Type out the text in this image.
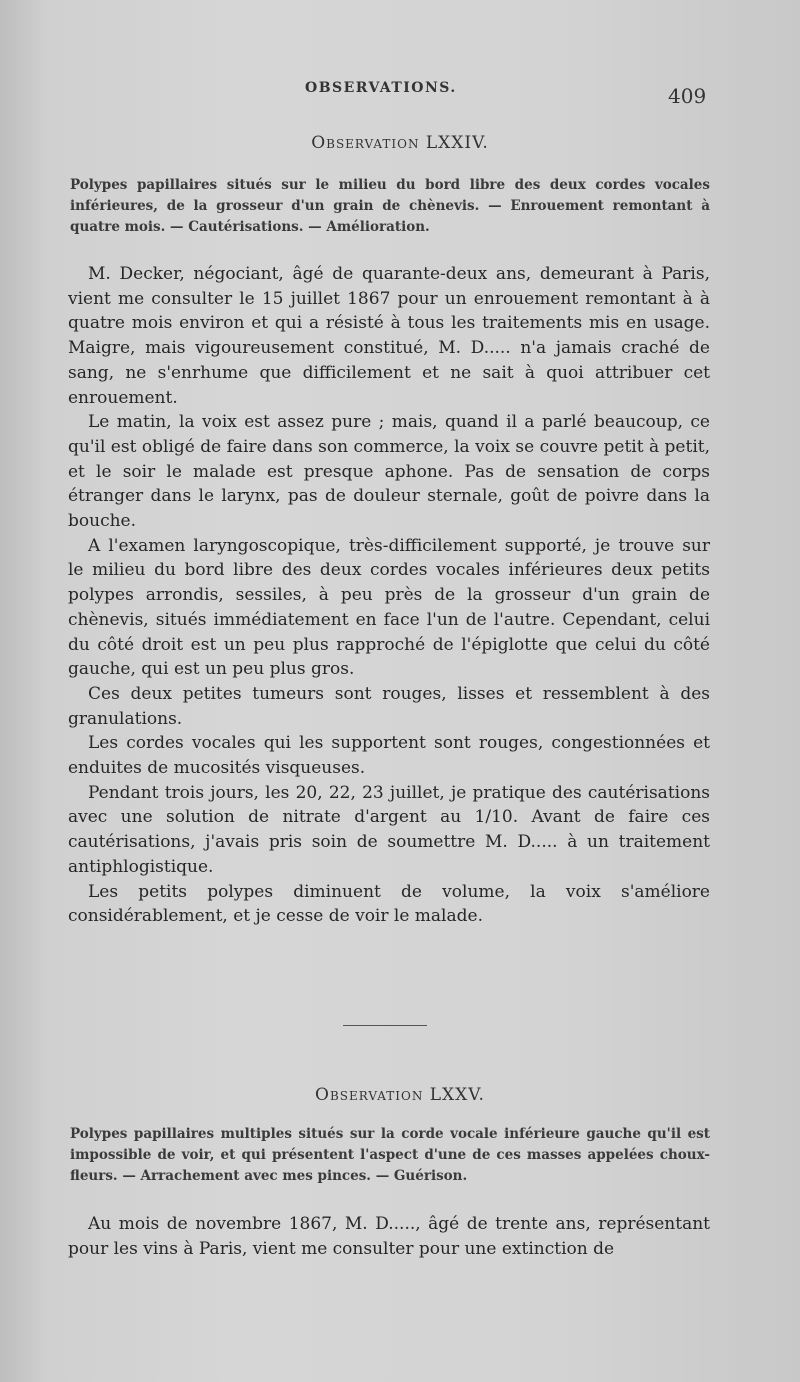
OBSERVATIONS.	409
Observation LXXIV.
Polypes papillaires situés sur le milieu du bord libre des deux cordes vocales inférieures, de la grosseur d'un grain de chènevis. — Enrouement remontant à quatre mois. — Cautérisations. — Amélioration.

M. Decker, négociant, âgé de quarante-deux ans, demeurant à Paris, vient me consulter le 15 juillet 1867 pour un enrouement remontant à à quatre mois environ et qui a résisté à tous les traitements mis en usage. Maigre, mais vigoureusement constitué, M. D..... n'a jamais craché de sang, ne s'enrhume que difficilement et ne sait à quoi attribuer cet enrouement.

Le matin, la voix est assez pure ; mais, quand il a parlé beaucoup, ce qu'il est obligé de faire dans son commerce, la voix se couvre petit à petit, et le soir le malade est presque aphone. Pas de sensation de corps étranger dans le larynx, pas de douleur sternale, goût de poivre dans la bouche.

A l'examen laryngoscopique, très-difficilement supporté, je trouve sur le milieu du bord libre des deux cordes vocales inférieures deux petits polypes arrondis, sessiles, à peu près de la grosseur d'un grain de chènevis, situés immédiatement en face l'un de l'autre. Cependant, celui du côté droit est un peu plus rapproché de l'épiglotte que celui du côté gauche, qui est un peu plus gros.

Ces deux petites tumeurs sont rouges, lisses et ressemblent à des granulations.

Les cordes vocales qui les supportent sont rouges, congestionnées et enduites de mucosités visqueuses.

Pendant trois jours, les 20, 22, 23 juillet, je pratique des cautérisations avec une solution de nitrate d'argent au 1/10. Avant de faire ces cautérisations, j'avais pris soin de soumettre M. D..... à un traitement antiphlogistique.

Les petits polypes diminuent de volume, la voix s'améliore considérablement, et je cesse de voir le malade.

Observation LXXV.
Polypes papillaires multiples situés sur la corde vocale inférieure gauche qu'il est impossible de voir, et qui présentent l'aspect d'une de ces masses appelées choux-fleurs. — Arrachement avec mes pinces. — Guérison.

Au mois de novembre 1867, M. D....., âgé de trente ans, représentant pour les vins à Paris, vient me consulter pour une extinction de
